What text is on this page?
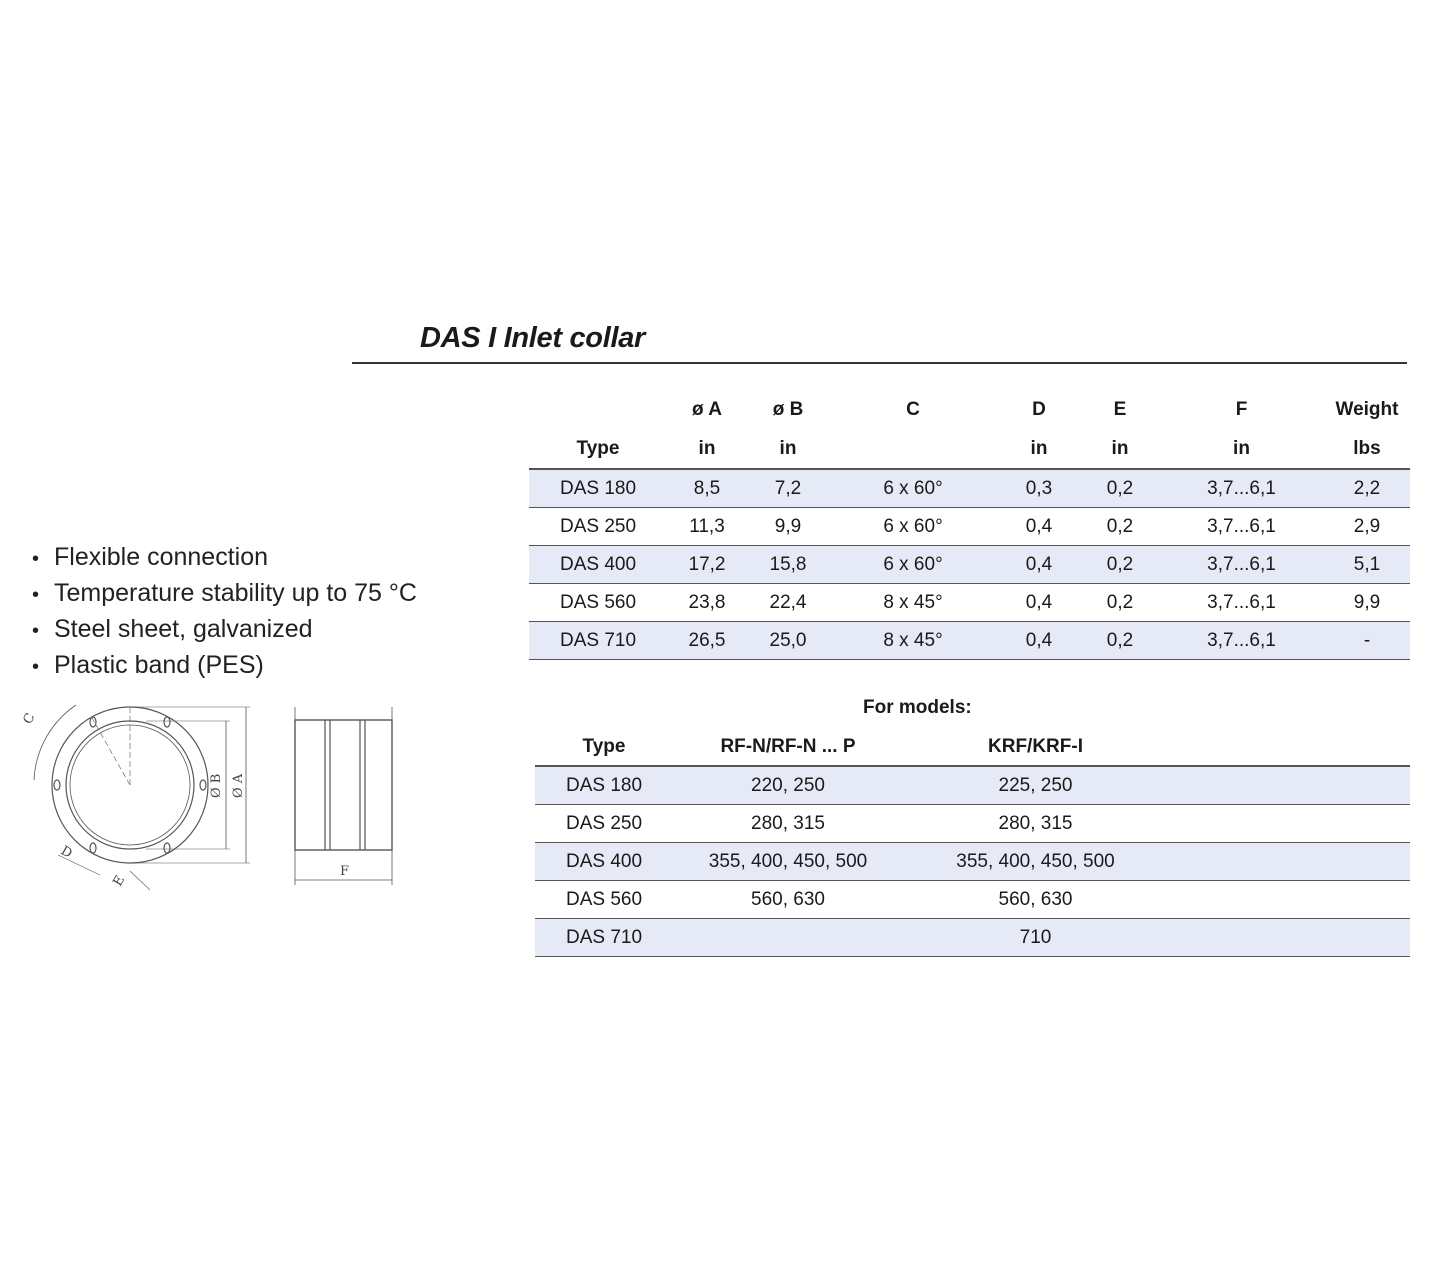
DAS I Inlet collar
• Flexible connection
• Temperature stability up to 75 °C
• Steel sheet, galvanized
• Plastic band (PES)
C
D
E
Ø B Ø A
F
	ø A	ø B	C	D	E	F	Weight
Type	in	in		in	in	in	lbs
DAS 180	8,5	7,2	6 x 60°	0,3	0,2	3,7...6,1	2,2
DAS 250	11,3	9,9	6 x 60°	0,4	0,2	3,7...6,1	2,9
DAS 400	17,2	15,8	6 x 60°	0,4	0,2	3,7...6,1	5,1
DAS 560	23,8	22,4	8 x 45°	0,4	0,2	3,7...6,1	9,9
DAS 710	26,5	25,0	8 x 45°	0,4	0,2	3,7...6,1	-
For models:
Type	RF-N/RF-N ... P	KRF/KRF-I	
DAS 180	220, 250	225, 250	
DAS 250	280, 315	280, 315	
DAS 400	355, 400, 450, 500	355, 400, 450, 500	
DAS 560	560, 630	560, 630	
DAS 710		710	
